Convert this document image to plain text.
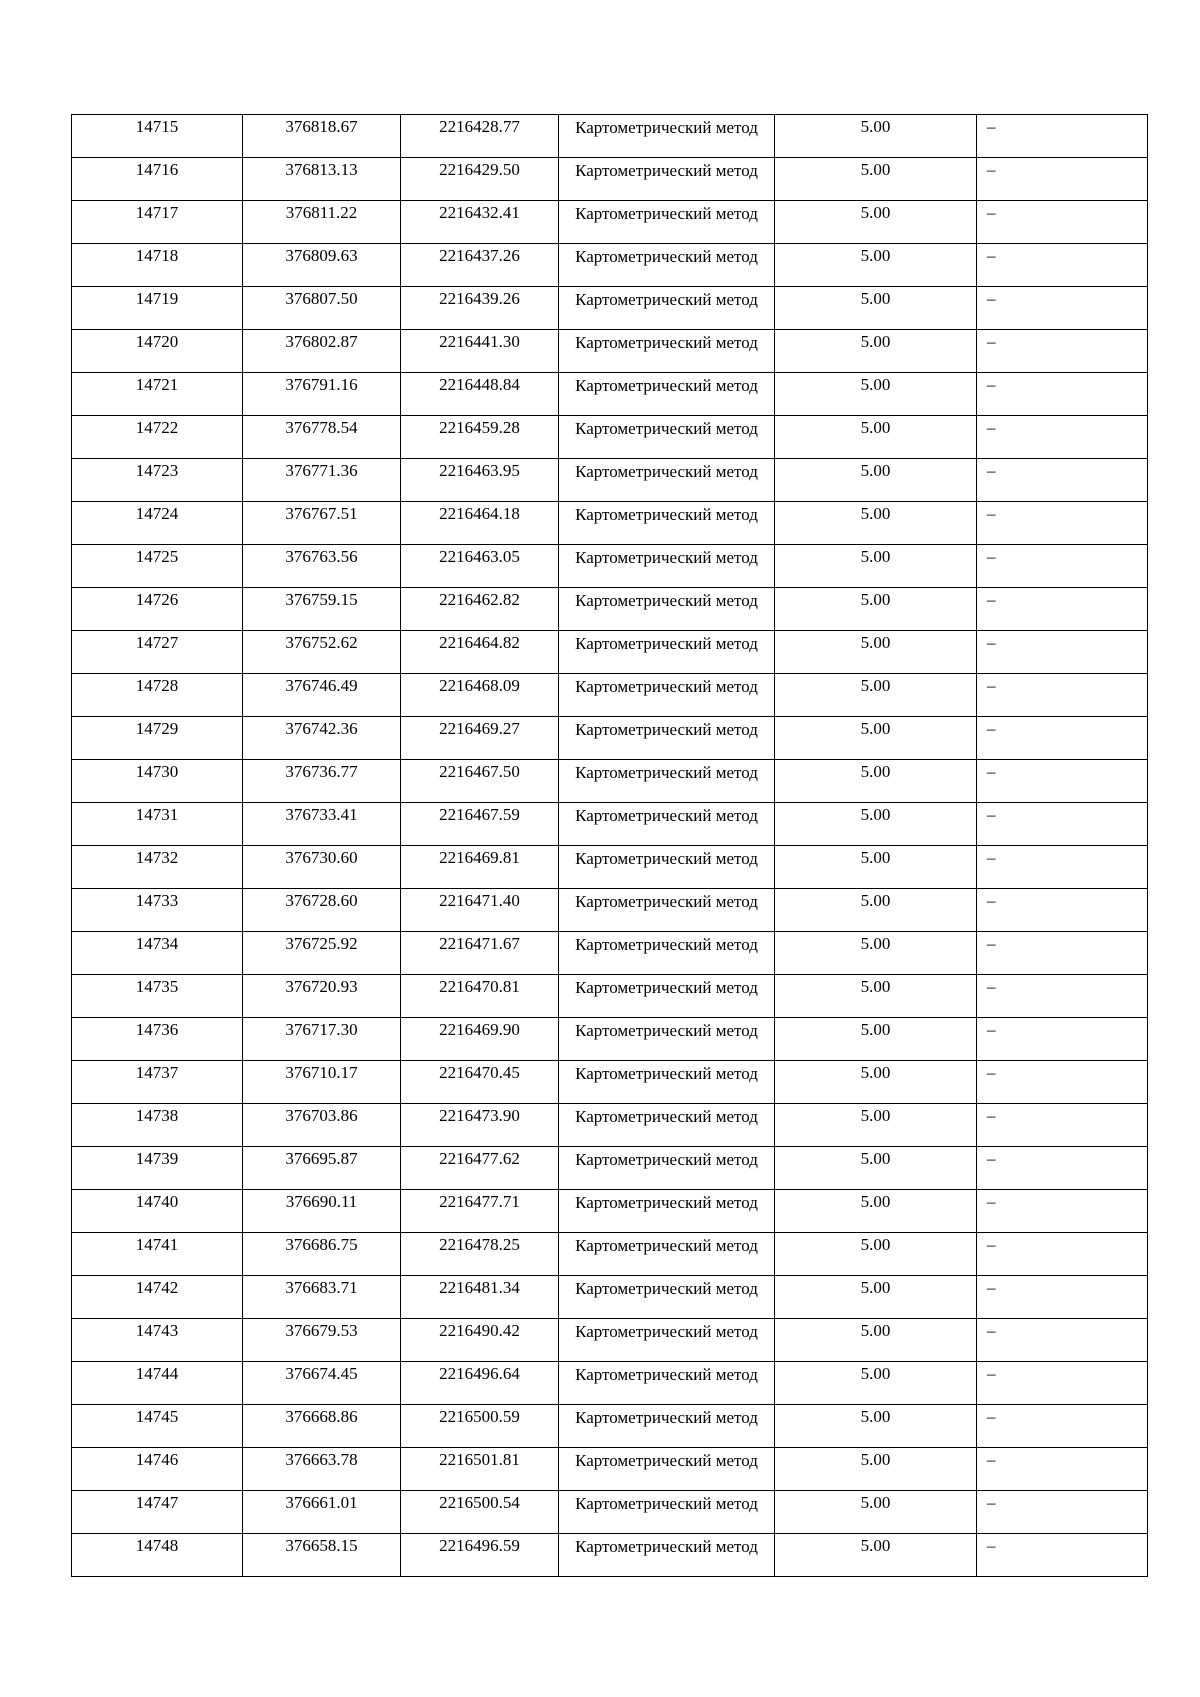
14715	376818.67	2216428.77	Картометрический метод	5.00	–

14716	376813.13	2216429.50	Картометрический метод	5.00	–

14717	376811.22	2216432.41	Картометрический метод	5.00	–

14718	376809.63	2216437.26	Картометрический метод	5.00	–

14719	376807.50	2216439.26	Картометрический метод	5.00	–

14720	376802.87	2216441.30	Картометрический метод	5.00	–

14721	376791.16	2216448.84	Картометрический метод	5.00	–

14722	376778.54	2216459.28	Картометрический метод	5.00	–

14723	376771.36	2216463.95	Картометрический метод	5.00	–

14724	376767.51	2216464.18	Картометрический метод	5.00	–

14725	376763.56	2216463.05	Картометрический метод	5.00	–

14726	376759.15	2216462.82	Картометрический метод	5.00	–

14727	376752.62	2216464.82	Картометрический метод	5.00	–

14728	376746.49	2216468.09	Картометрический метод	5.00	–

14729	376742.36	2216469.27	Картометрический метод	5.00	–

14730	376736.77	2216467.50	Картометрический метод	5.00	–

14731	376733.41	2216467.59	Картометрический метод	5.00	–

14732	376730.60	2216469.81	Картометрический метод	5.00	–

14733	376728.60	2216471.40	Картометрический метод	5.00	–

14734	376725.92	2216471.67	Картометрический метод	5.00	–

14735	376720.93	2216470.81	Картометрический метод	5.00	–

14736	376717.30	2216469.90	Картометрический метод	5.00	–

14737	376710.17	2216470.45	Картометрический метод	5.00	–

14738	376703.86	2216473.90	Картометрический метод	5.00	–

14739	376695.87	2216477.62	Картометрический метод	5.00	–

14740	376690.11	2216477.71	Картометрический метод	5.00	–

14741	376686.75	2216478.25	Картометрический метод	5.00	–

14742	376683.71	2216481.34	Картометрический метод	5.00	–

14743	376679.53	2216490.42	Картометрический метод	5.00	–

14744	376674.45	2216496.64	Картометрический метод	5.00	–

14745	376668.86	2216500.59	Картометрический метод	5.00	–

14746	376663.78	2216501.81	Картометрический метод	5.00	–

14747	376661.01	2216500.54	Картометрический метод	5.00	–

14748	376658.15	2216496.59	Картометрический метод	5.00	–
